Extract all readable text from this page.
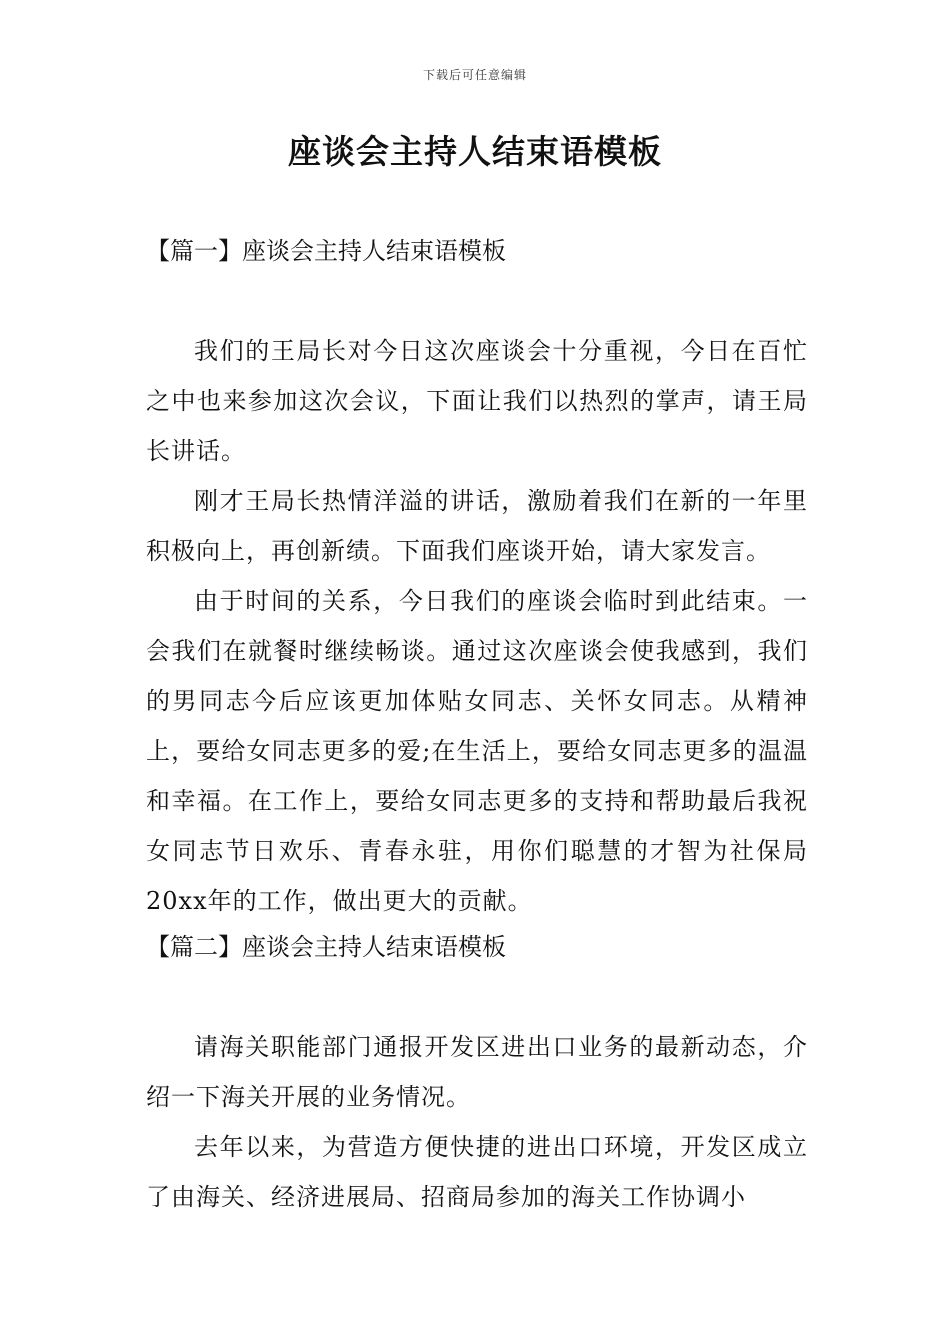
下载后可任意编辑
座谈会主持人结束语模板
【篇一】座谈会主持人结束语模板

我们的王局长对今日这次座谈会十分重视，今日在百忙之中也来参加这次会议，下面让我们以热烈的掌声，请王局长讲话。

刚才王局长热情洋溢的讲话，激励着我们在新的一年里积极向上，再创新绩。下面我们座谈开始，请大家发言。

由于时间的关系，今日我们的座谈会临时到此结束。一会我们在就餐时继续畅谈。通过这次座谈会使我感到，我们的男同志今后应该更加体贴女同志、关怀女同志。从精神上，要给女同志更多的爱;在生活上，要给女同志更多的温温和幸福。在工作上，要给女同志更多的支持和帮助最后我祝女同志节日欢乐、青春永驻，用你们聪慧的才智为社保局20xx年的工作，做出更大的贡献。

【篇二】座谈会主持人结束语模板

请海关职能部门通报开发区进出口业务的最新动态，介绍一下海关开展的业务情况。

去年以来，为营造方便快捷的进出口环境，开发区成立了由海关、经济进展局、招商局参加的海关工作协调小
